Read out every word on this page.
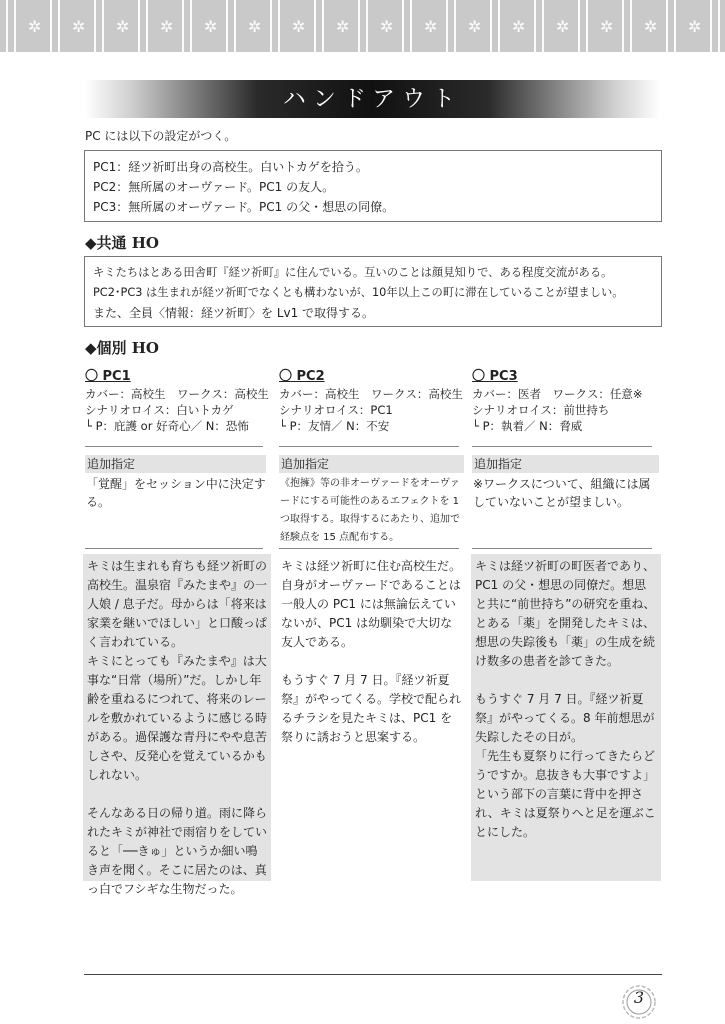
✲ ✲ ✲ ✲ ✲ ✲ ✲ ✲ ✲ ✲ ✲ ✲ ✲ ✲ ✲ ✲
ハンドアウト
PC には以下の設定がつく。
PC1：経ツ祈町出身の高校生。白いトカゲを拾う。
PC2：無所属のオーヴァード。PC1 の友人。
PC3：無所属のオーヴァード。PC1 の父・想思の同僚。
◆共通 HO
キミたちはとある田舎町『経ツ祈町』に住んでいる。互いのことは顔見知りで、ある程度交流がある。
PC2･PC3 は生まれが経ツ祈町でなくとも構わないが、10年以上この町に滞在していることが望ましい。
また、全員〈情報：経ツ祈町〉を Lv1 で取得する。
◆個別 HO
〇 PC1
カバー：高校生　ワークス：高校生
シナリオロイス：白いトカゲ
└ P：庇護 or 好奇心／ N：恐怖
〇 PC2
カバー：高校生　ワークス：高校生
シナリオロイス：PC1
└ P：友情／ N：不安
〇 PC3
カバー：医者　ワークス：任意※
シナリオロイス：前世持ち
└ P：執着／ N：脅威
追加指定	追加指定	追加指定
「覚醒」をセッション中に決定する。
《抱擁》等の非オーヴァードをオーヴァードにする可能性のあるエフェクトを 1 つ取得する。取得するにあたり、追加で経験点を 15 点配布する。
※ワークスについて、組織には属していないことが望ましい。

キミは生まれも育ちも経ツ祈町の高校生。温泉宿『みたまや』の一人娘 / 息子だ。母からは「将来は家業を継いでほしい」と口酸っぱく言われている。

キミにとっても『みたまや』は大事な“日常（場所）”だ。しかし年齢を重ねるにつれて、将来のレールを敷かれているように感じる時がある。過保護な青丹にやや息苦しさや、反発心を覚えているかもしれない。

そんなある日の帰り道。雨に降られたキミが神社で雨宿りをしていると「──きゅ」というか細い鳴き声を聞く。そこに居たのは、真っ白でフシギな生物だった。

キミは経ツ祈町に住む高校生だ。自身がオーヴァードであることは一般人の PC1 には無論伝えていないが、PC1 は幼馴染で大切な友人である。

もうすぐ 7 月 7 日。『経ツ祈夏祭』がやってくる。学校で配られるチラシを見たキミは、PC1 を祭りに誘おうと思案する。

キミは経ツ祈町の町医者であり、PC1 の父・想思の同僚だ。想思と共に“前世持ち”の研究を重ね、とある「薬」を開発したキミは、想思の失踪後も「薬」の生成を続け数多の患者を診てきた。

もうすぐ 7 月 7 日。『経ツ祈夏祭』がやってくる。8 年前想思が失踪したその日が。

「先生も夏祭りに行ってきたらどうですか。息抜きも大事ですよ」という部下の言葉に背中を押され、キミは夏祭りへと足を運ぶことにした。

3
